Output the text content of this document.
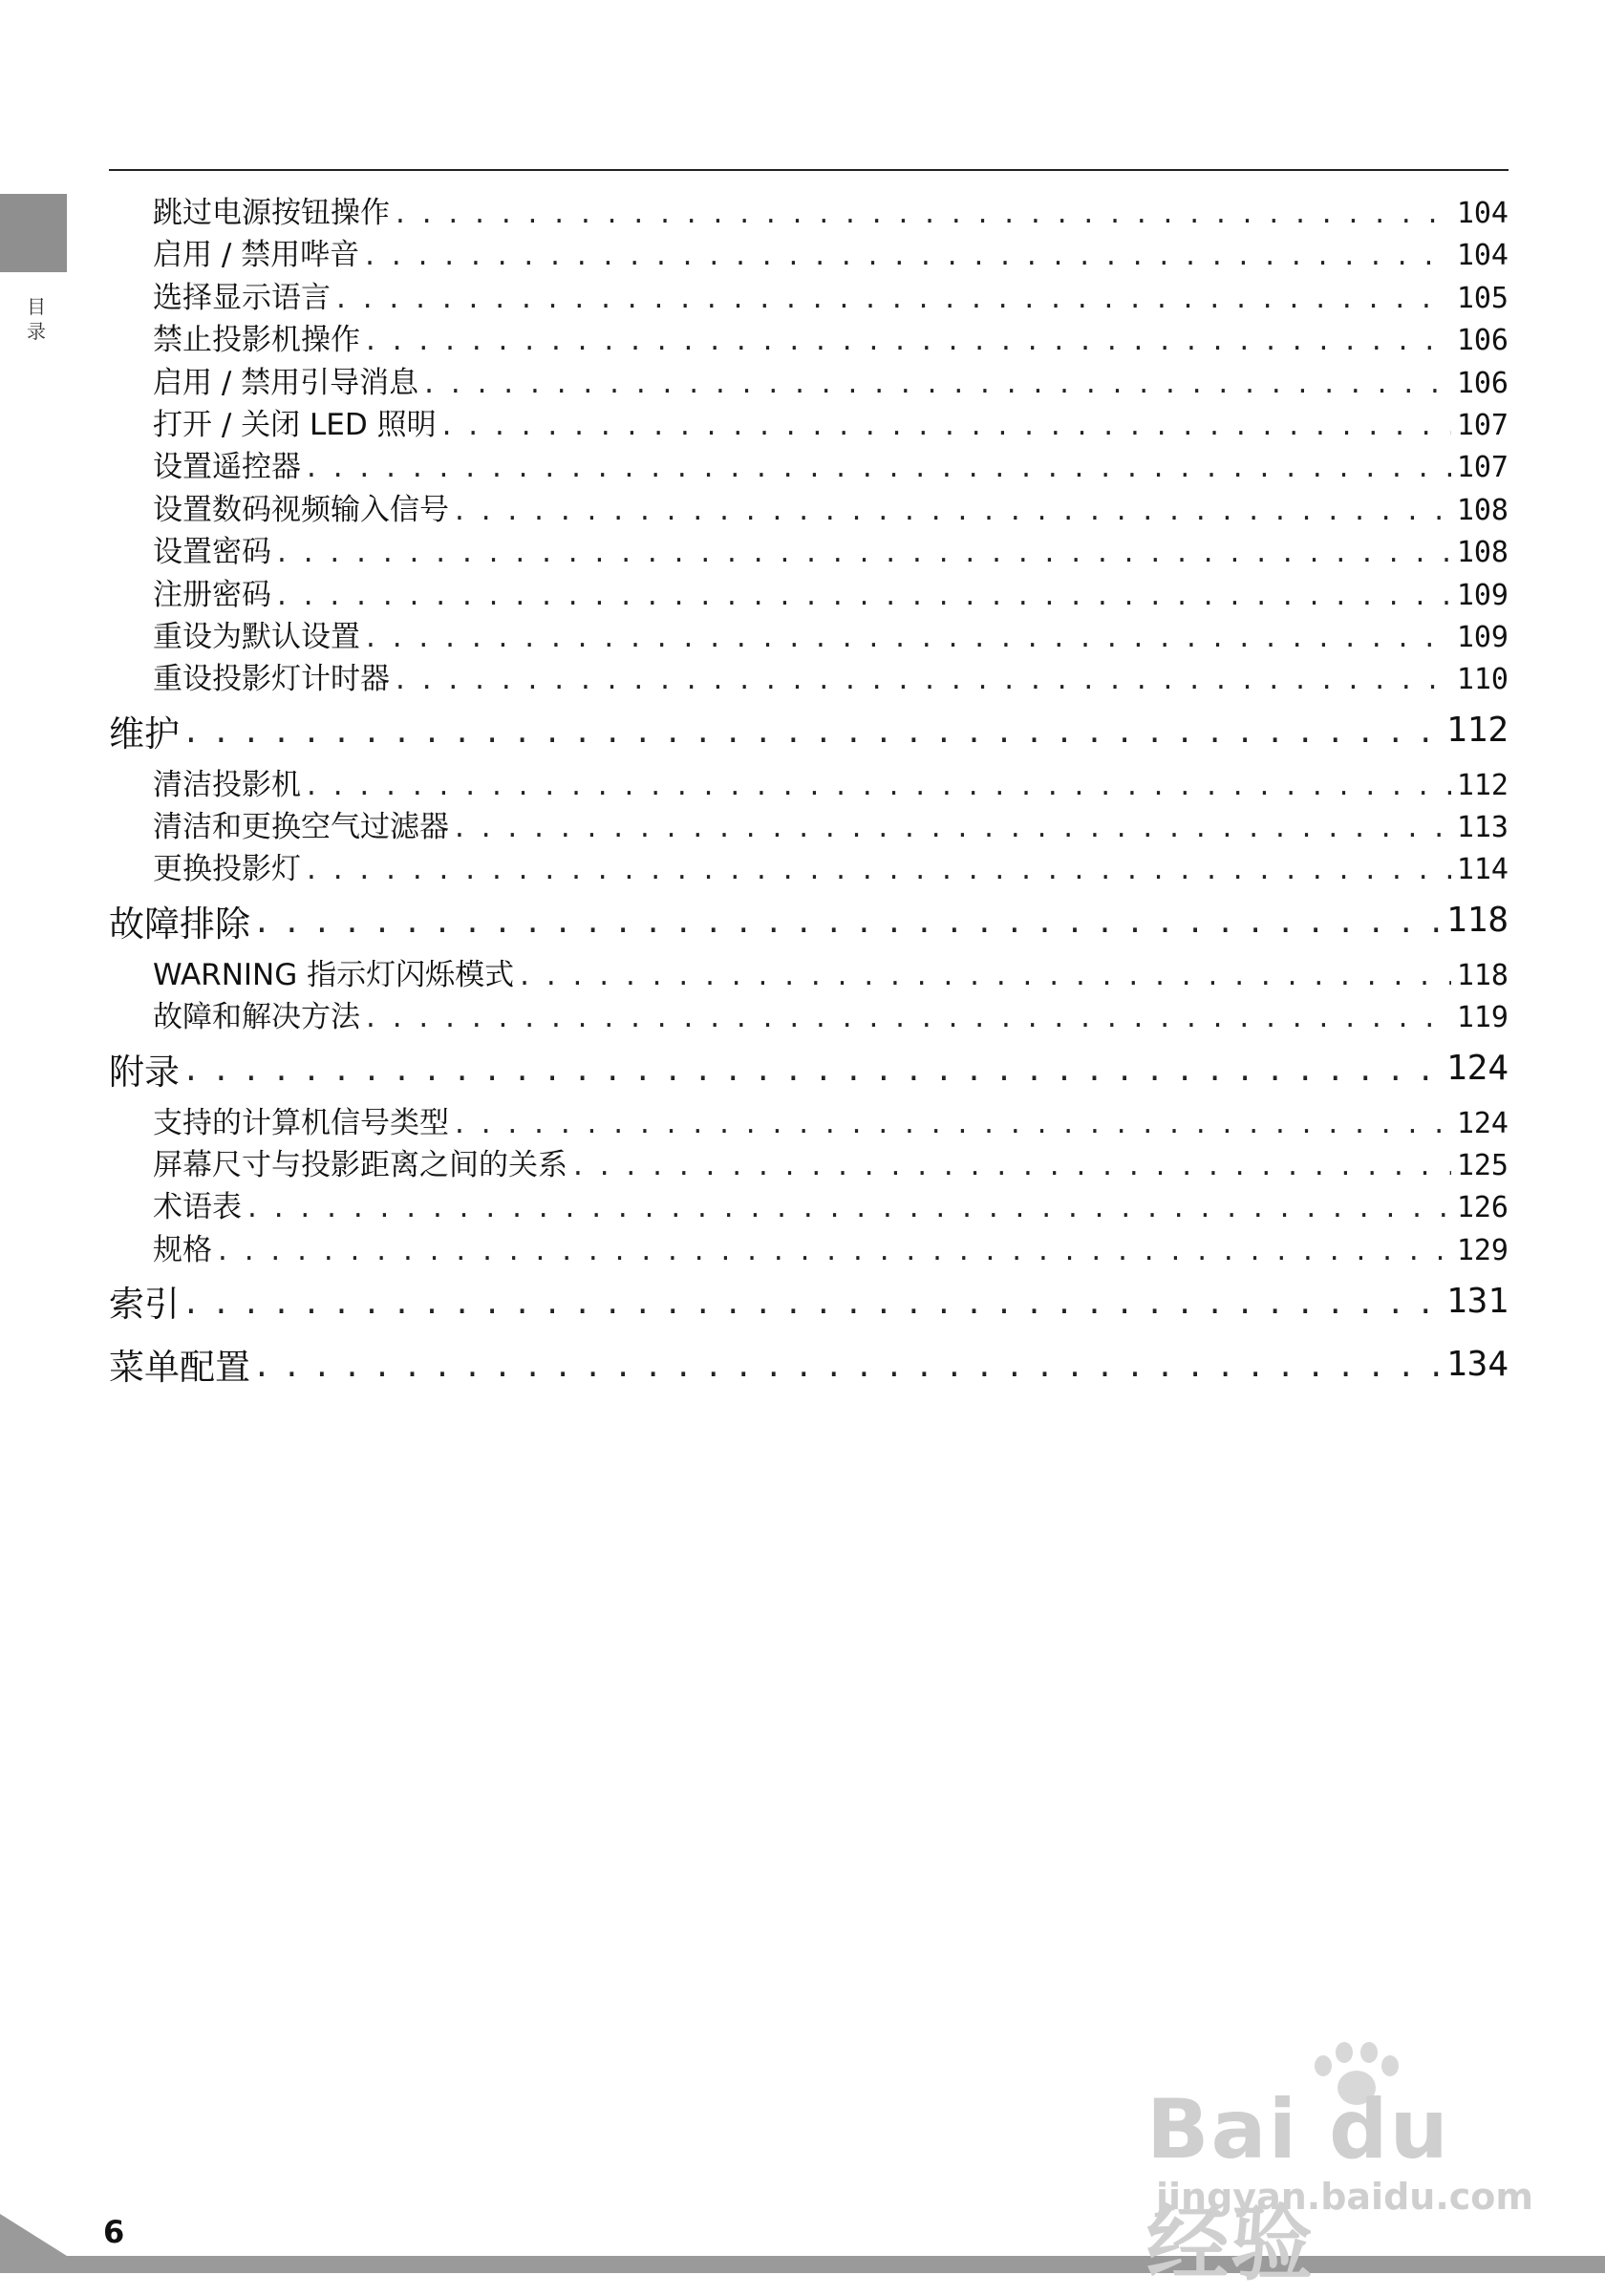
目
录
跳过电源按钮操作 . . .	104
启用 / 禁用哔音 . . .	104
选择显示语言 . . .	105
禁止投影机操作 . . .	106
启用 / 禁用引导消息 . . .	106
打开 / 关闭 LED 照明 . . .	107
设置遥控器 . . .	107
设置数码视频输入信号 . . .	108
设置密码 . . .	108
注册密码 . . .	109
重设为默认设置 . . .	109
重设投影灯计时器 . . .	110
维护 . . .	112
清洁投影机 . . .	112
清洁和更换空气过滤器 . . .	113
更换投影灯 . . .	114
故障排除 . . .	118
WARNING 指示灯闪烁模式 . . .	118
故障和解决方法 . . .	119
附录 . . .	124
支持的计算机信号类型 . . .	124
屏幕尺寸与投影距离之间的关系 . . .	125
术语表 . . .	126
规格 . . .	129
索引 . . .	131
菜单配置 . . .	134
6
Bai du 经验
jingyan.baidu.com
